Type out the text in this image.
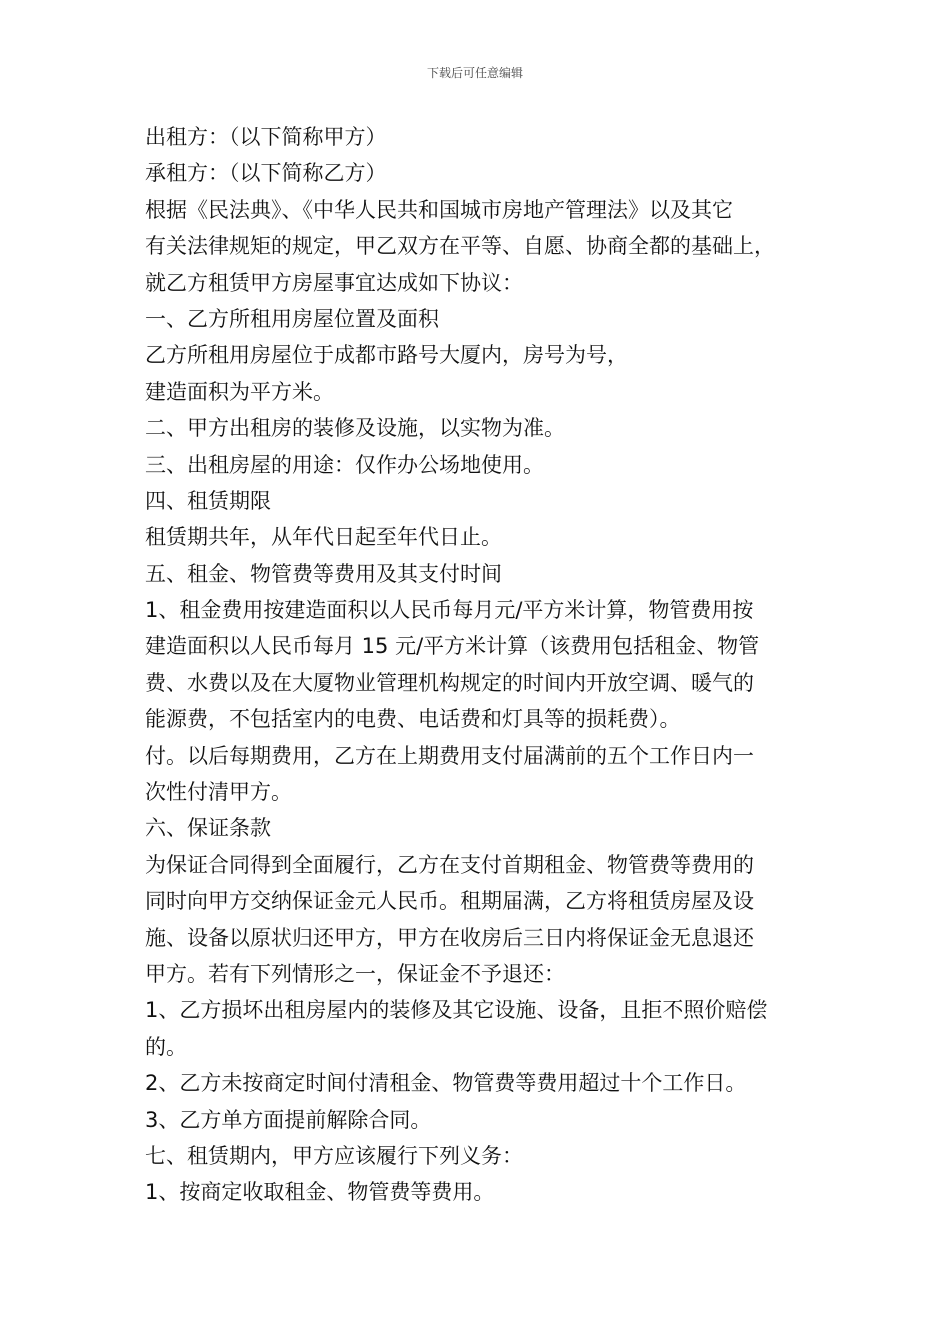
下载后可任意编辑
出租方：（以下简称甲方）
承租方：（以下简称乙方）
根据《民法典》、《中华人民共和国城市房地产管理法》以及其它
有关法律规矩的规定，甲乙双方在平等、自愿、协商全都的基础上，
就乙方租赁甲方房屋事宜达成如下协议：
一、乙方所租用房屋位置及面积
乙方所租用房屋位于成都市路号大厦内，房号为号，
建造面积为平方米。
二、甲方出租房的装修及设施，以实物为准。
三、出租房屋的用途：仅作办公场地使用。
四、租赁期限
租赁期共年，从年代日起至年代日止。
五、租金、物管费等费用及其支付时间
1、租金费用按建造面积以人民币每月元/平方米计算，物管费用按
建造面积以人民币每月 15 元/平方米计算（该费用包括租金、物管
费、水费以及在大厦物业管理机构规定的时间内开放空调、暖气的
能源费，不包括室内的电费、电话费和灯具等的损耗费）。
付。以后每期费用，乙方在上期费用支付届满前的五个工作日内一
次性付清甲方。
六、保证条款
为保证合同得到全面履行，乙方在支付首期租金、物管费等费用的
同时向甲方交纳保证金元人民币。租期届满，乙方将租赁房屋及设
施、设备以原状归还甲方，甲方在收房后三日内将保证金无息退还
甲方。若有下列情形之一，保证金不予退还：
1、乙方损坏出租房屋内的装修及其它设施、设备，且拒不照价赔偿
的。
2、乙方未按商定时间付清租金、物管费等费用超过十个工作日。
3、乙方单方面提前解除合同。
七、租赁期内，甲方应该履行下列义务：
1、按商定收取租金、物管费等费用。
